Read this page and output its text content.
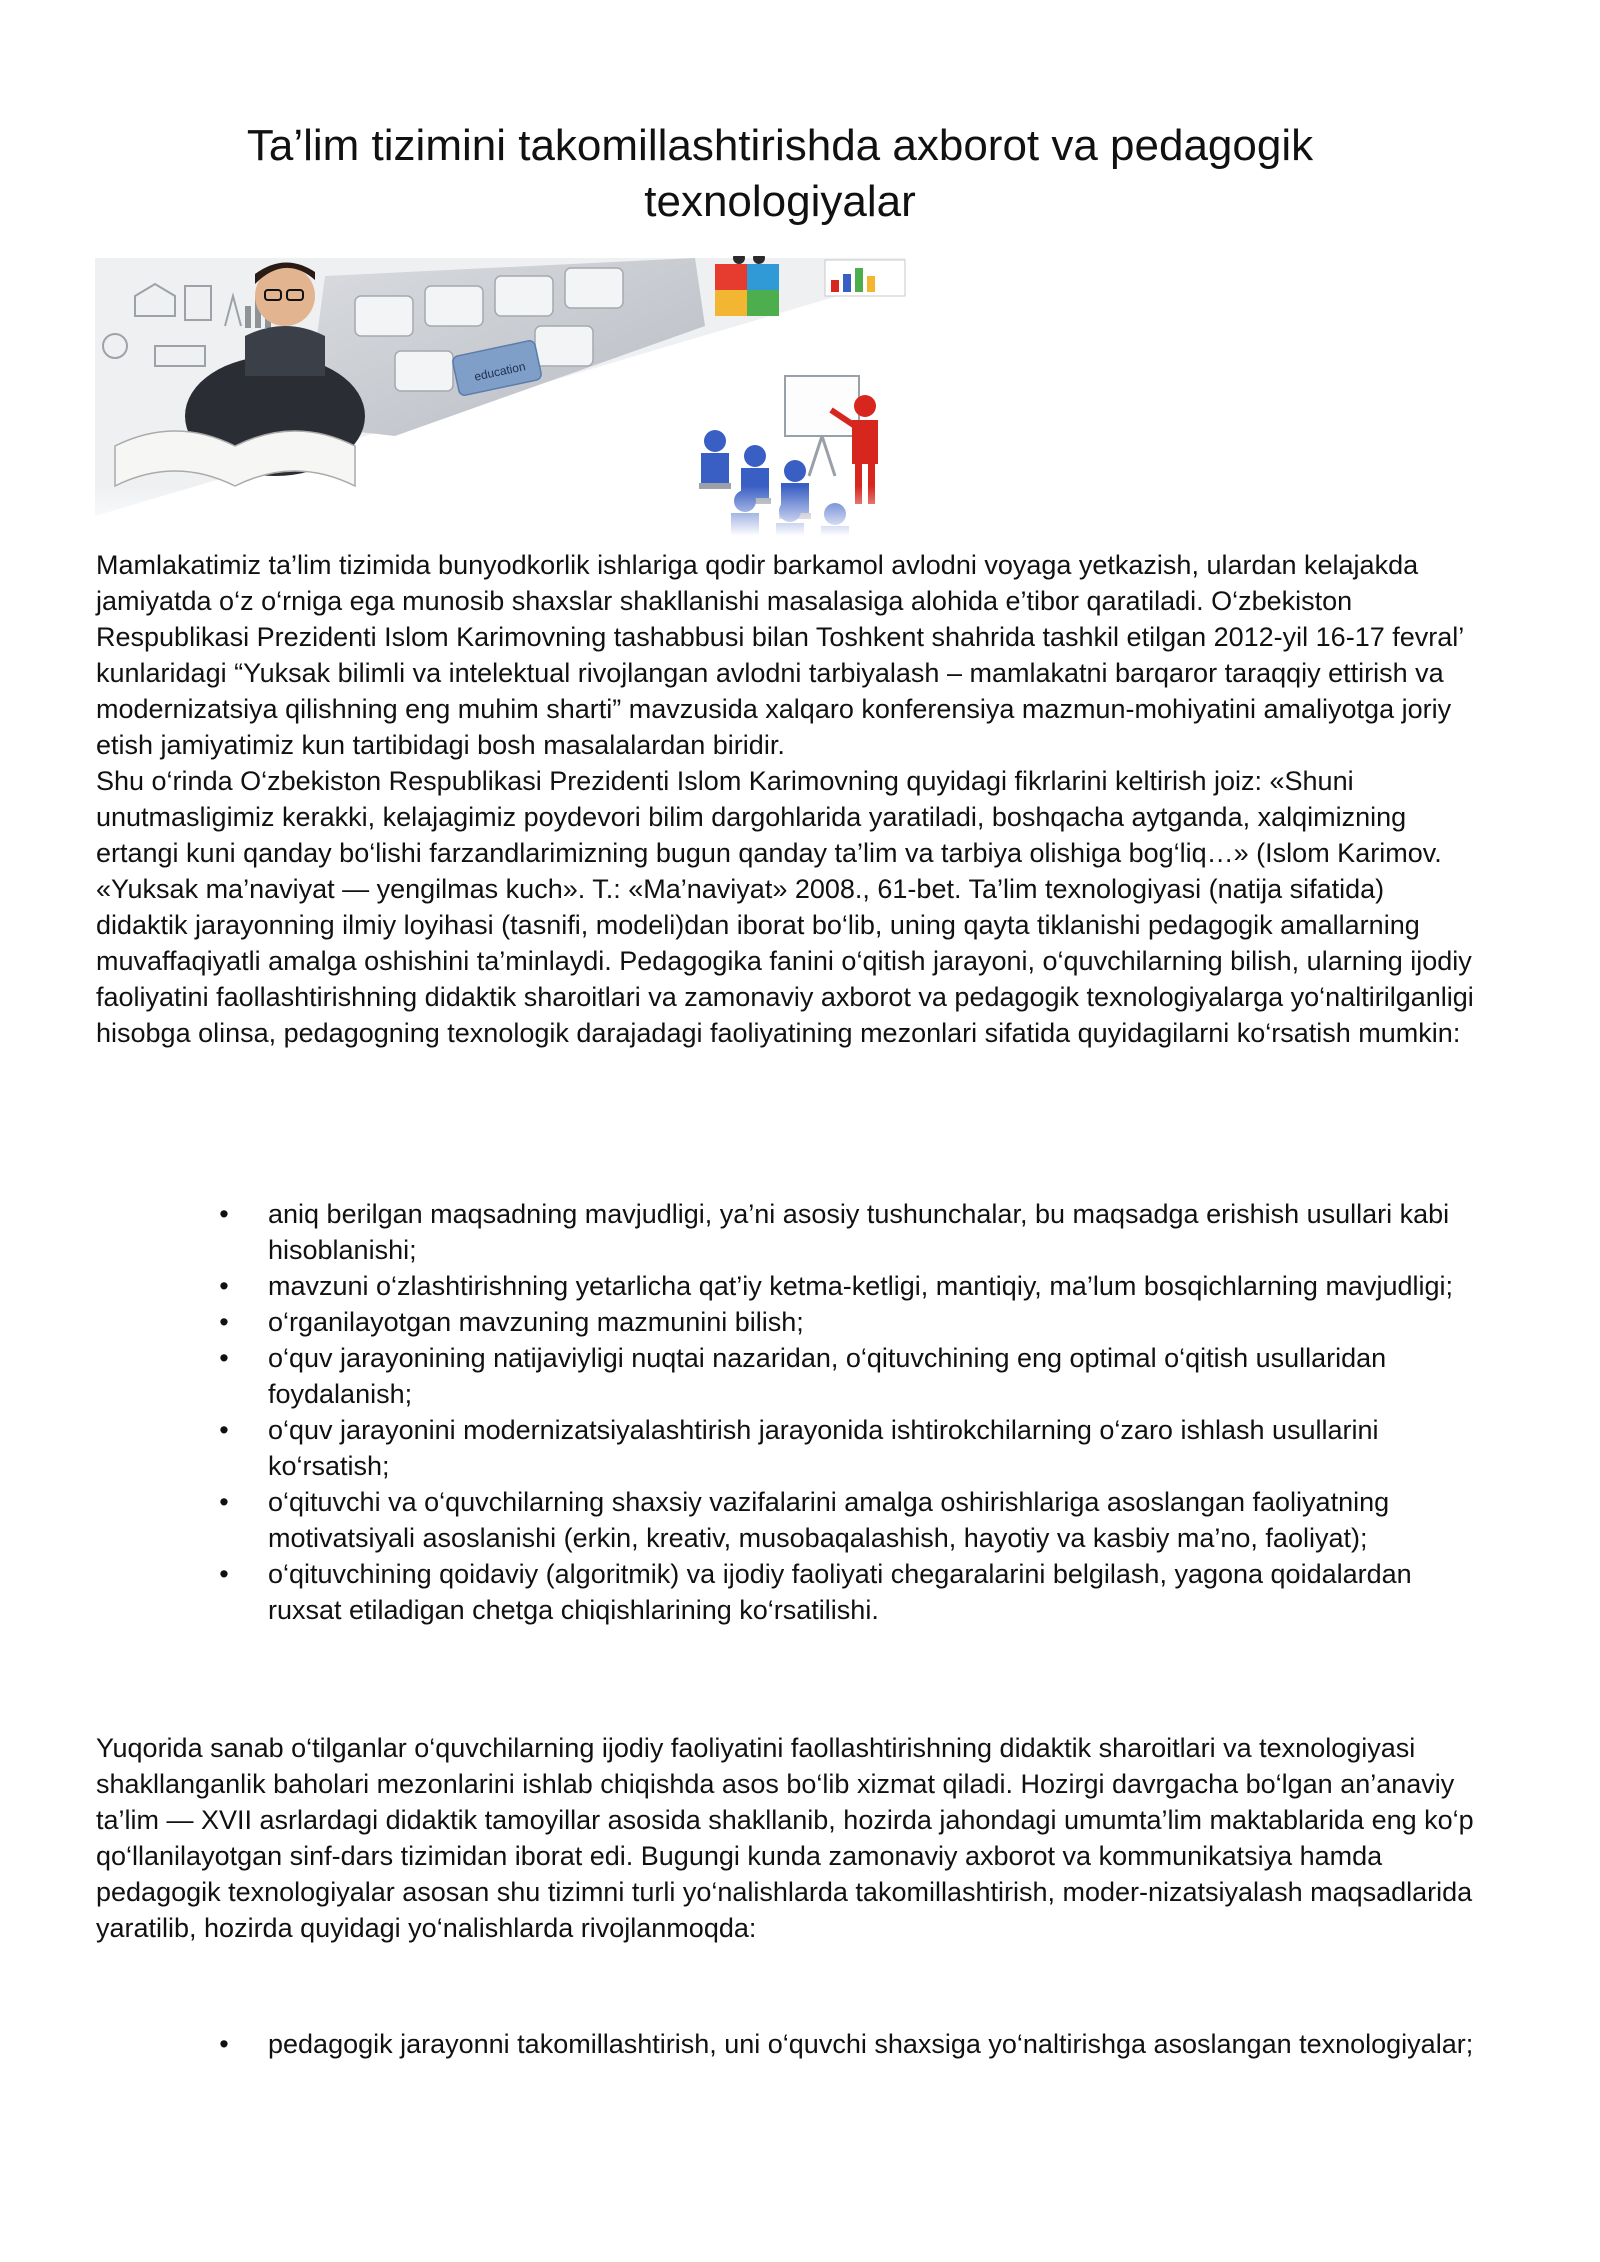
Ta’lim tizimini takomillashtirishda axborot va pedagogik texnologiyalar
education

Mamlakatimiz ta’lim tizimida bunyodkorlik ishlariga qodir barkamol avlodni voyaga yetkazish, ulardan kelajakda jamiyatda o‘z o‘rniga ega munosib shaxslar shakllanishi masalasiga alohida e’tibor qaratiladi. O‘zbekiston Respublikasi Prezidenti Islom Karimovning tashabbusi bilan Toshkent shahrida tashkil etilgan 2012-yil 16-17 fevral’ kunlaridagi “Yuksak bilimli va intelektual rivojlangan avlodni tarbiyalash – mamlakatni barqaror taraqqiy ettirish va modernizatsiya qilishning eng muhim sharti” mavzusida xalqaro konferensiya mazmun-mohiyatini amaliyotga joriy etish jamiyatimiz kun tartibidagi bosh masalalardan biridir.
Shu o‘rinda O‘zbekiston Respublikasi Prezidenti Islom Karimovning quyidagi fikrlarini keltirish joiz: «Shuni unutmasligimiz kerakki, kelajagimiz poydevori bilim dargohlarida yaratiladi, boshqacha aytganda, xalqimizning ertangi kuni qanday bo‘lishi farzandlarimizning bugun qanday ta’lim va tarbiya olishiga bog‘liq…» (Islom Karimov. «Yuksak ma’naviyat — yengilmas kuch». T.: «Ma’naviyat» 2008., 61-bet. Ta’lim texnologiyasi (natija sifatida) didaktik jarayonning ilmiy loyihasi (tasnifi, modeli)dan iborat bo‘lib, uning qayta tiklanishi pedagogik amallarning muvaffaqiyatli amalga oshishini ta’minlaydi. Pedagogika fanini o‘qitish jarayoni, o‘quvchilarning bilish, ularning ijodiy faoliyatini faollashtirishning didaktik sharoitlari va zamonaviy axborot va pedagogik texnologiyalarga yo‘naltirilganligi hisobga olinsa, pedagogning texnologik darajadagi faoliyatining mezonlari sifatida quyidagilarni ko‘rsatish mumkin:

• aniq berilgan maqsadning mavjudligi, ya’ni asosiy tushunchalar, bu maqsadga erishish usullari kabi hisoblanishi;
• mavzuni o‘zlashtirishning yetarlicha qat’iy ketma-ketligi, mantiqiy, ma’lum bosqichlarning mavjudligi;
• o‘rganilayotgan mavzuning mazmunini bilish;
• o‘quv jarayonining natijaviyligi nuqtai nazaridan, o‘qituvchining eng optimal o‘qitish usullaridan foydalanish;
• o‘quv jarayonini modernizatsiyalashtirish jarayonida ishtirokchilarning o‘zaro ishlash usullarini ko‘rsatish;
• o‘qituvchi va o‘quvchilarning shaxsiy vazifalarini amalga oshirishlariga asoslangan faoliyatning motivatsiyali asoslanishi (erkin, kreativ, musobaqalashish, hayotiy va kasbiy ma’no, faoliyat);
• o‘qituvchining qoidaviy (algoritmik) va ijodiy faoliyati chegaralarini belgilash, yagona qoidalardan ruxsat etiladigan chetga chiqishlarining ko‘rsatilishi.

Yuqorida sanab o‘tilganlar o‘quvchilarning ijodiy faoliyatini faollashtirishning didaktik sharoitlari va texnologiyasi shakllanganlik baholari mezonlarini ishlab chiqishda asos bo‘lib xizmat qiladi. Hozirgi davrgacha bo‘lgan an’anaviy ta’lim — XVII asrlardagi didaktik tamoyillar asosida shakllanib, hozirda jahondagi umumta’lim maktablarida eng ko‘p qo‘llanilayotgan sinf-dars tizimidan iborat edi. Bugungi kunda zamonaviy axborot va kommunikatsiya hamda pedagogik texnologiyalar asosan shu tizimni turli yo‘nalishlarda takomillashtirish, moder-nizatsiyalash maqsadlarida yaratilib, hozirda quyidagi yo‘nalishlarda rivojlanmoqda:

• pedagogik jarayonni takomillashtirish, uni o‘quvchi shaxsiga yo‘naltirishga asoslangan texnologiyalar;
